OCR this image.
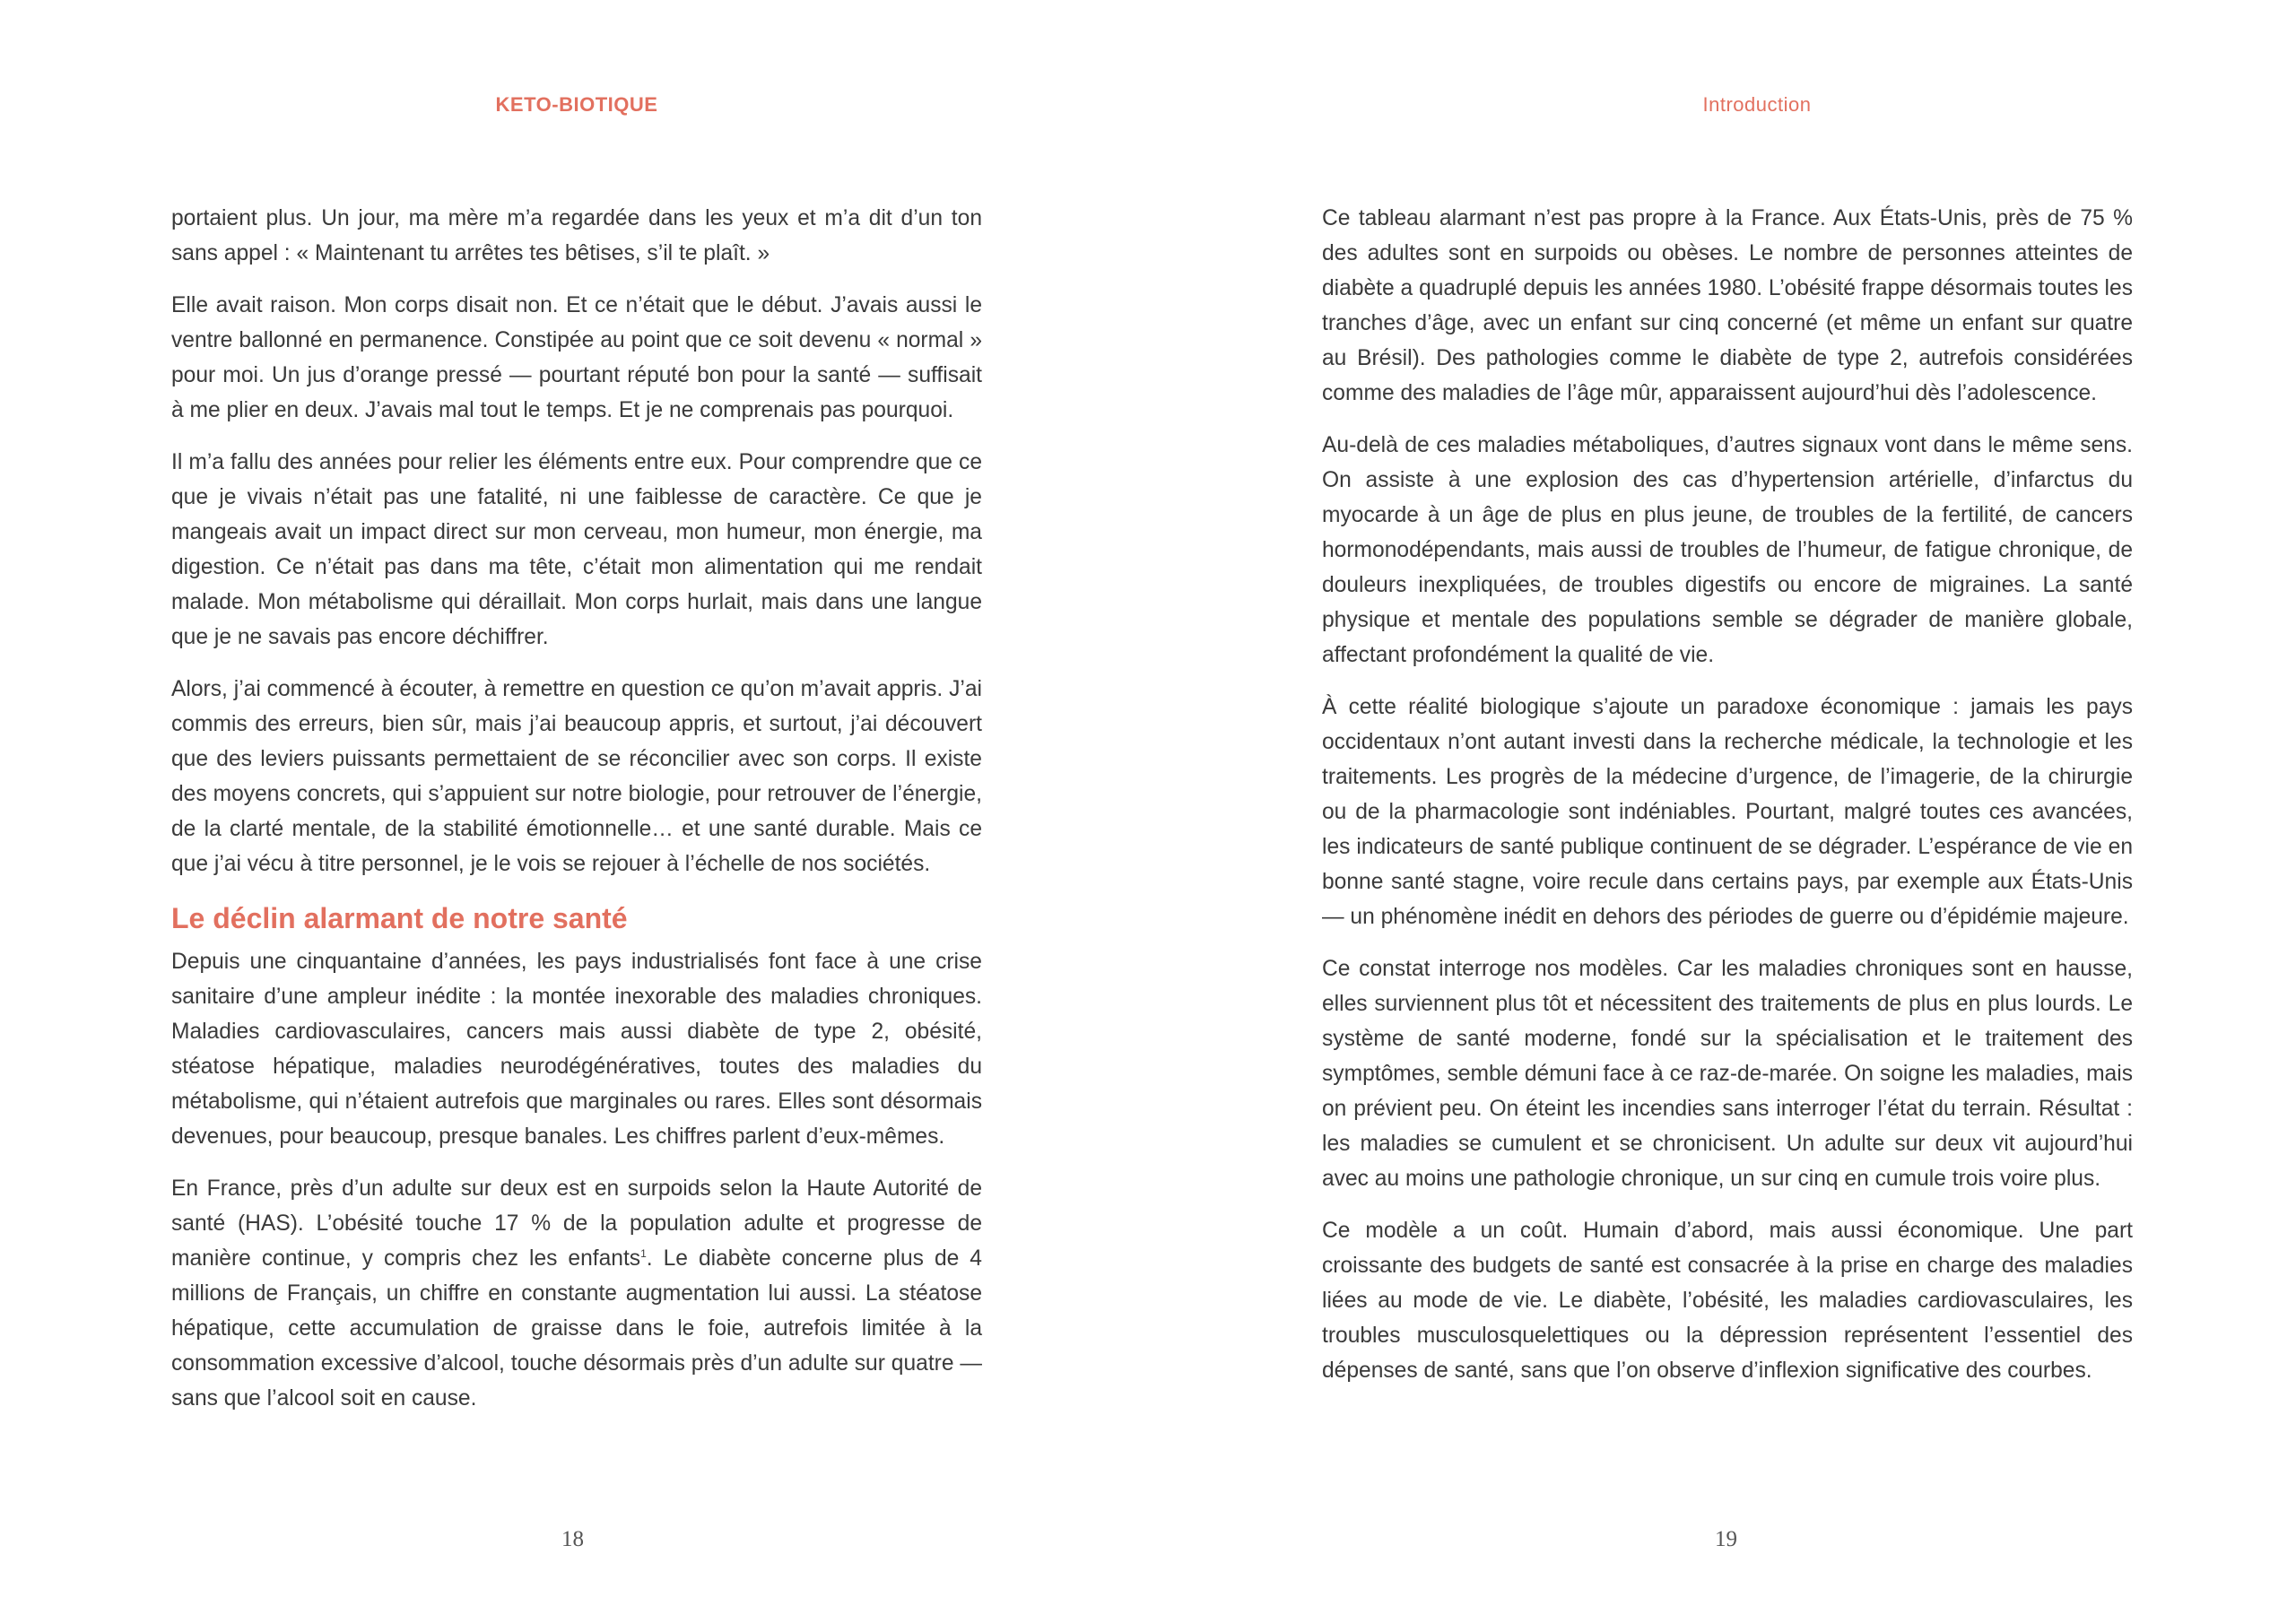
KETO-BIOTIQUE

portaient plus. Un jour, ma mère m’a regardée dans les yeux et m’a dit d’un ton sans appel : « Maintenant tu arrêtes tes bêtises, s’il te plaît. »

Elle avait raison. Mon corps disait non. Et ce n’était que le début. J’avais aussi le ventre ballonné en permanence. Constipée au point que ce soit devenu « normal » pour moi. Un jus d’orange pressé — pourtant réputé bon pour la santé — suffisait à me plier en deux. J’avais mal tout le temps. Et je ne comprenais pas pourquoi.

Il m’a fallu des années pour relier les éléments entre eux. Pour comprendre que ce que je vivais n’était pas une fatalité, ni une faiblesse de caractère. Ce que je mangeais avait un impact direct sur mon cerveau, mon humeur, mon énergie, ma digestion. Ce n’était pas dans ma tête, c’était mon alimentation qui me rendait malade. Mon métabolisme qui déraillait. Mon corps hurlait, mais dans une langue que je ne savais pas encore déchiffrer.

Alors, j’ai commencé à écouter, à remettre en question ce qu’on m’avait appris. J’ai commis des erreurs, bien sûr, mais j’ai beaucoup appris, et surtout, j’ai découvert que des leviers puissants permettaient de se réconcilier avec son corps. Il existe des moyens concrets, qui s’appuient sur notre biologie, pour retrouver de l’énergie, de la clarté mentale, de la stabilité émotionnelle… et une santé durable. Mais ce que j’ai vécu à titre personnel, je le vois se rejouer à l’échelle de nos sociétés.

Le déclin alarmant de notre santé

Depuis une cinquantaine d’années, les pays industrialisés font face à une crise sanitaire d’une ampleur inédite : la montée inexorable des maladies chroniques. Maladies cardiovasculaires, cancers mais aussi diabète de type 2, obésité, stéatose hépatique, maladies neurodégénératives, toutes des maladies du métabolisme, qui n’étaient autrefois que marginales ou rares. Elles sont désormais devenues, pour beaucoup, presque banales. Les chiffres parlent d’eux-mêmes.

En France, près d’un adulte sur deux est en surpoids selon la Haute Autorité de santé (HAS). L’obésité touche 17 % de la population adulte et progresse de manière continue, y compris chez les enfants$^1$. Le diabète concerne plus de 4 millions de Français, un chiffre en constante augmentation lui aussi. La stéatose hépatique, cette accumulation de graisse dans le foie, autrefois limitée à la consommation excessive d’alcool, touche désormais près d’un adulte sur quatre — sans que l’alcool soit en cause.

18
Introduction

Ce tableau alarmant n’est pas propre à la France. Aux États-Unis, près de 75 % des adultes sont en surpoids ou obèses. Le nombre de personnes atteintes de diabète a quadruplé depuis les années 1980. L’obésité frappe désormais toutes les tranches d’âge, avec un enfant sur cinq concerné (et même un enfant sur quatre au Brésil). Des pathologies comme le diabète de type 2, autrefois considérées comme des maladies de l’âge mûr, apparaissent aujourd’hui dès l’adolescence.

Au-delà de ces maladies métaboliques, d’autres signaux vont dans le même sens. On assiste à une explosion des cas d’hypertension artérielle, d’infarctus du myocarde à un âge de plus en plus jeune, de troubles de la fertilité, de cancers hormonodépendants, mais aussi de troubles de l’humeur, de fatigue chronique, de douleurs inexpliquées, de troubles digestifs ou encore de migraines. La santé physique et mentale des populations semble se dégrader de manière globale, affectant profondément la qualité de vie.

À cette réalité biologique s’ajoute un paradoxe économique : jamais les pays occidentaux n’ont autant investi dans la recherche médicale, la technologie et les traitements. Les progrès de la médecine d’urgence, de l’imagerie, de la chirurgie ou de la pharmacologie sont indéniables. Pourtant, malgré toutes ces avancées, les indicateurs de santé publique continuent de se dégrader. L’espérance de vie en bonne santé stagne, voire recule dans certains pays, par exemple aux États-Unis — un phénomène inédit en dehors des périodes de guerre ou d’épidémie majeure.

Ce constat interroge nos modèles. Car les maladies chroniques sont en hausse, elles surviennent plus tôt et nécessitent des traitements de plus en plus lourds. Le système de santé moderne, fondé sur la spécialisation et le traitement des symptômes, semble démuni face à ce raz-de-marée. On soigne les maladies, mais on prévient peu. On éteint les incendies sans interroger l’état du terrain. Résultat : les maladies se cumulent et se chronicisent. Un adulte sur deux vit aujourd’hui avec au moins une pathologie chronique, un sur cinq en cumule trois voire plus.

Ce modèle a un coût. Humain d’abord, mais aussi économique. Une part croissante des budgets de santé est consacrée à la prise en charge des maladies liées au mode de vie. Le diabète, l’obésité, les maladies cardiovasculaires, les troubles musculosquelettiques ou la dépression représentent l’essentiel des dépenses de santé, sans que l’on observe d’inflexion significative des courbes.

19
